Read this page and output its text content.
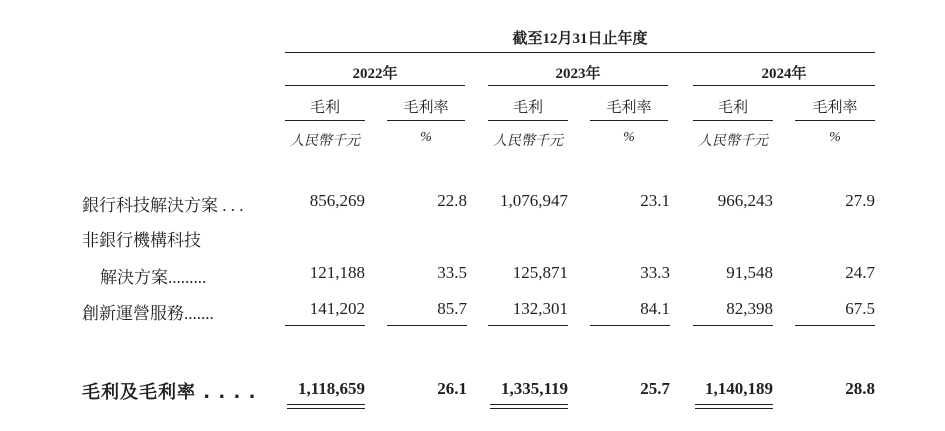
截至12月31日止年度
2022年	2023年	2024年
毛利	毛利率	毛利	毛利率	毛利	毛利率
人民幣千元	%	人民幣千元	%	人民幣千元	%
銀行科技解決方案 . . .	856,269	22.8	1,076,947	23.1	966,243	27.9
非銀行機構科技
解決方案.........	121,188	33.5	125,871	33.3	91,548	24.7
創新運營服務.......	141,202	85.7	132,301	84.1	82,398	67.5
毛利及毛利率 . . . .	1,118,659	26.1	1,335,119	25.7	1,140,189	28.8
